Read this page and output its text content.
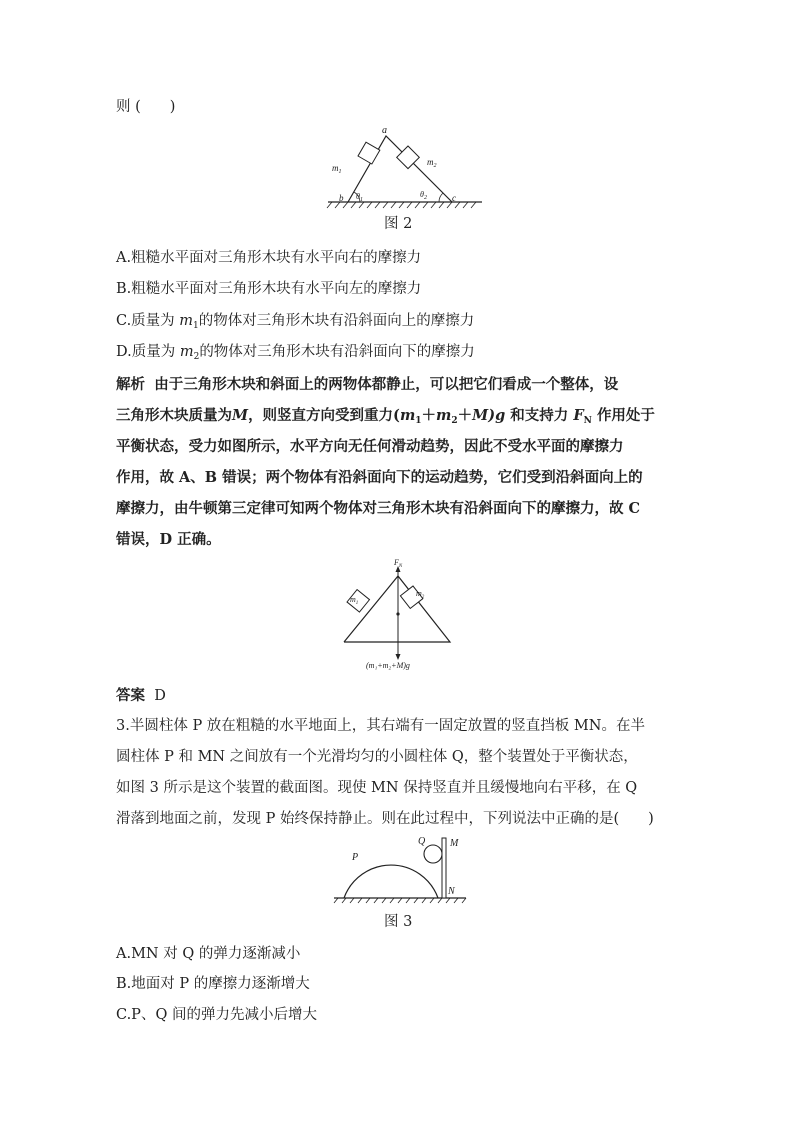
则 (　　)
a
b	c
$m_1$
$m_2$
$\theta_1$
$\theta_2$
图 2
A.粗糙水平面对三角形木块有水平向右的摩擦力
B.粗糙水平面对三角形木块有水平向左的摩擦力
C.质量为 $m_1$的物体对三角形木块有沿斜面向上的摩擦力
D.质量为 $m_2$的物体对三角形木块有沿斜面向下的摩擦力
解析 由于三角形木块和斜面上的两物体都静止，可以把它们看成一个整体，设
三角形木块质量为M，则竖直方向受到重力$(m_1+m_2+M)g$ 和支持力 $F_N$ 作用处于
平衡状态，受力如图所示，水平方向无任何滑动趋势，因此不受水平面的摩擦力
作用，故 A、B 错误；两个物体有沿斜面向下的运动趋势，它们受到沿斜面向上的
摩擦力，由牛顿第三定律可知两个物体对三角形木块有沿斜面向下的摩擦力，故 C
错误，D 正确。
$F_N$
$m_1$
$m_2$
(m₁+m₂+M)g
答案 D
3.半圆柱体 P 放在粗糙的水平地面上，其右端有一固定放置的竖直挡板 MN。在半
圆柱体 P 和 MN 之间放有一个光滑均匀的小圆柱体 Q，整个装置处于平衡状态，
如图 3 所示是这个装置的截面图。现使 MN 保持竖直并且缓慢地向右平移，在 Q
滑落到地面之前，发现 P 始终保持静止。则在此过程中，下列说法中正确的是(　　)
P
Q M
N
图 3
A.MN 对 Q 的弹力逐渐减小
B.地面对 P 的摩擦力逐渐增大
C.P、Q 间的弹力先减小后增大
